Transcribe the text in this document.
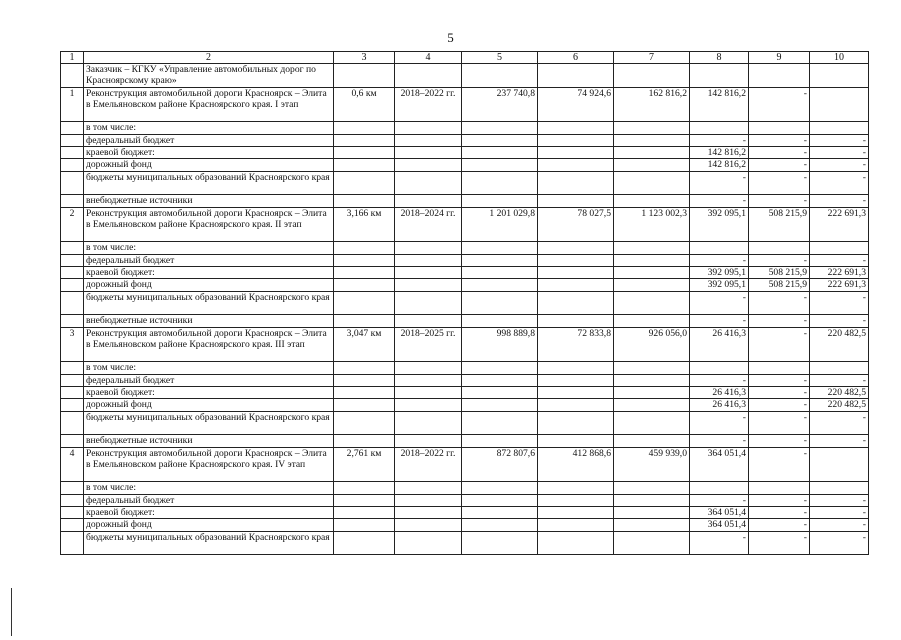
5
1	2	3	4	5	6	7	8	9	10
	Заказчик – КГКУ «Управление автомобильных дорог по Красноярскому краю»								
1	Реконструкция автомобильной дороги Красноярск – Элита в Емельяновском районе Красноярского края. I этап	0,6 км	2018–2022 гг.	237 740,8	74 924,6	162 816,2	142 816,2	-	
	в том числе:								
	федеральный бюджет						-	-	-
	краевой бюджет:						142 816,2	-	-
	дорожный фонд						142 816,2	-	-
	бюджеты муниципальных образований Красноярского края						-	-	-
	внебюджетные источники						-	-	-
2	Реконструкция автомобильной дороги Красноярск – Элита в Емельяновском районе Красноярского края. II этап	3,166 км	2018–2024 гг.	1 201 029,8	78 027,5	1 123 002,3	392 095,1	508 215,9	222 691,3
	в том числе:								
	федеральный бюджет						-	-	-
	краевой бюджет:						392 095,1	508 215,9	222 691,3
	дорожный фонд						392 095,1	508 215,9	222 691,3
	бюджеты муниципальных образований Красноярского края						-	-	-
	внебюджетные источники						-	-	-
3	Реконструкция автомобильной дороги Красноярск – Элита в Емельяновском районе Красноярского края. III этап	3,047 км	2018–2025 гг.	998 889,8	72 833,8	926 056,0	26 416,3	-	220 482,5
	в том числе:								
	федеральный бюджет						-	-	-
	краевой бюджет:						26 416,3	-	220 482,5
	дорожный фонд						26 416,3	-	220 482,5
	бюджеты муниципальных образований Красноярского края						-	-	-
	внебюджетные источники						-	-	-
4	Реконструкция автомобильной дороги Красноярск – Элита в Емельяновском районе Красноярского края. IV этап	2,761 км	2018–2022 гг.	872 807,6	412 868,6	459 939,0	364 051,4	-	
	в том числе:								
	федеральный бюджет						-	-	-
	краевой бюджет:						364 051,4	-	-
	дорожный фонд						364 051,4	-	-
	бюджеты муниципальных образований Красноярского края						-	-	-
